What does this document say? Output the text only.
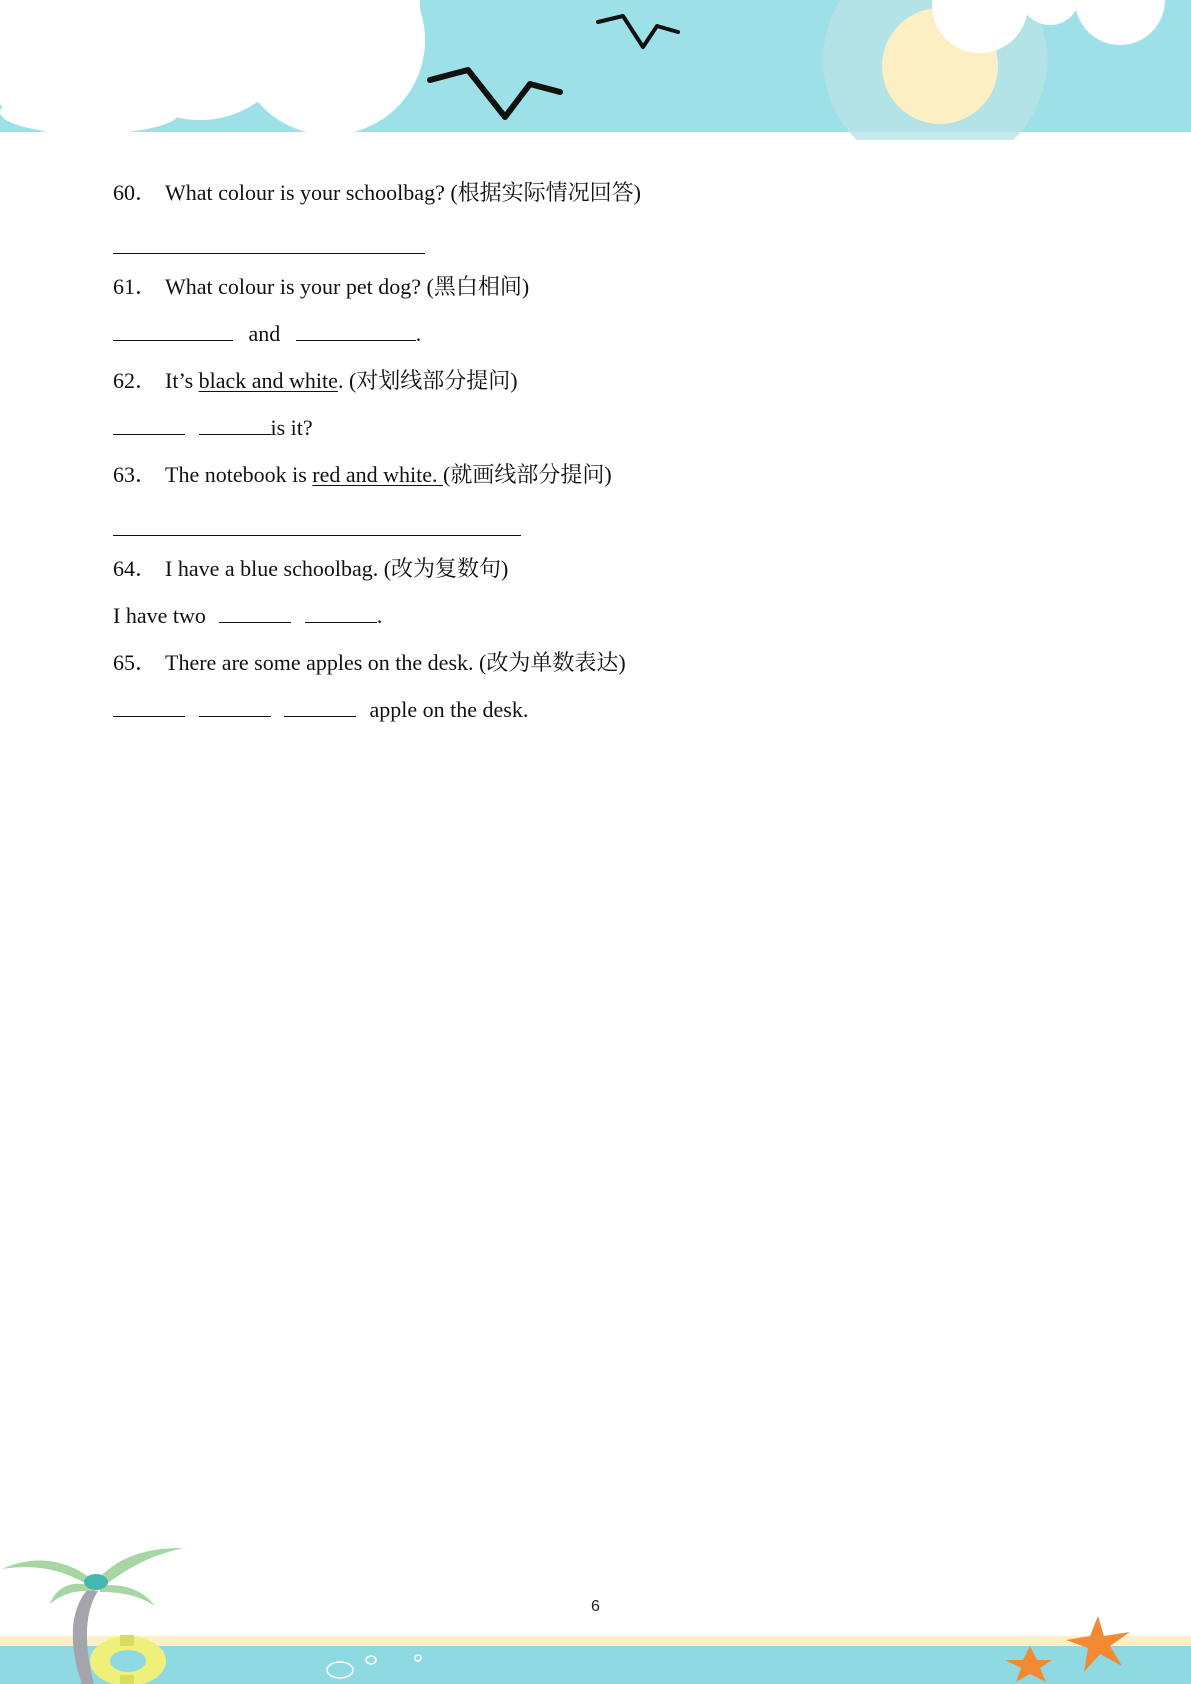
60． What colour is your schoolbag? (根据实际情况回答)
61． What colour is your pet dog? (黑白相间)
and	.
62． It’s black and white. (对划线部分提问)
is it?
63． The notebook is red and white. (就画线部分提问)
64． I have a blue schoolbag. (改为复数句)
I have two	.
65． There are some apples on the desk. (改为单数表达)
apple on the desk.
6
